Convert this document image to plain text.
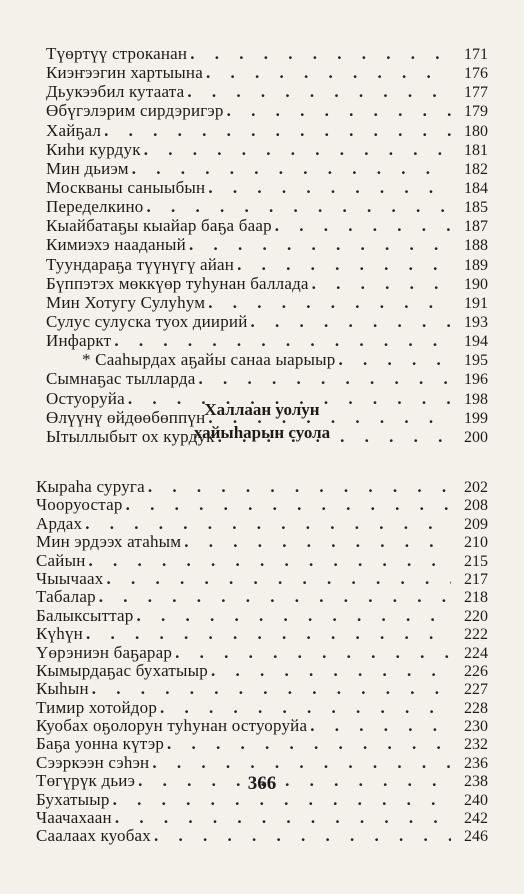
Түөртүү строканан . . .	171
Киэҥээгин хартыына . . .	176
Дьукээбил кутаата . . .	177
Өбүгэлэрим сирдэригэр . . .	179
Хайҕал . . .	180
Киhи курдук . . .	181
Мин дьиэм . . .	182
Москваны саныыбын . . .	184
Переделкино . . .	185
Кыайбатаҕы кыайар баҕа баар . . .	187
Кимиэхэ нааданый . . .	188
Туундараҕа түүнүгү айан . . .	189
Бүппэтэх мөккүөр туhунан баллада . . .	190
Мин Хотугу Сулуhум . . .	191
Сулус сулуска туох диирий . . .	193
Инфаркт . . .	194
* Сааhырдах аҕайы санаа ыарыыр . . .	195
Сымнаҕас тылларда . . .	196
Остуоруйа . . .	198
Өлүүнү өйдөөбөппүн . . .	199
Ытыллыбыт ох курдук . . .	200
Халлаан уолун
хайыhарын суола
Кыраhа суруга . . .	202
Чооруостар . . .	208
Ардах . . .	209
Мин эрдээх атаhым . . .	210
Сайын . . .	215
Чыычаах . . .	217
Табалар . . .	218
Балыксыттар . . .	220
Күhүн . . .	222
Үөрэниэн баҕарар . . .	224
Кымырдаҕас бухатыыр . . .	226
Кыhын . . .	227
Тимир хотойдор . . .	228
Куобах оҕолорун туhунан остуоруйа . . .	230
Баҕа уонна күтэр . . .	232
Сээркээн сэhэн . . .	236
Төгүрүк дьиэ . . .	238
Бухатыыр . . .	240
Чаачахаан . . .	242
Саалаах куобах . . .	246
366
